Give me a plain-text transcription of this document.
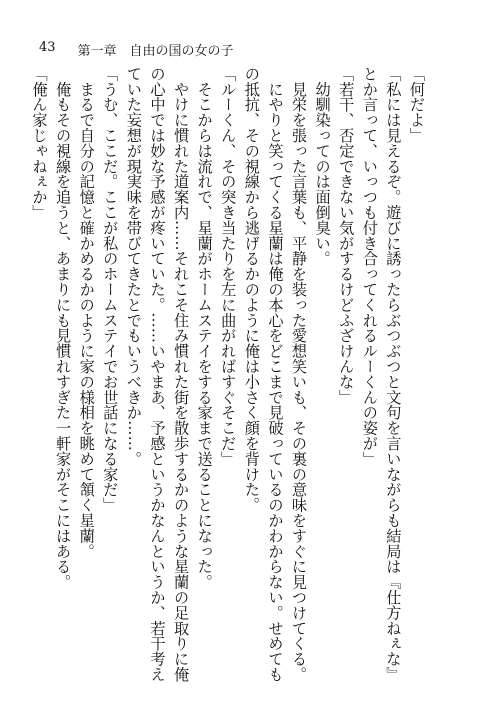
43 第一章　自由の国の女の子
「何だよ」
「私には見えるぞ。遊びに誘ったらぶつぶつと文句を言いながらも結局は『仕方ねぇな』
とか言って、いっつも付き合ってくれるルーくんの姿が」
「若干、否定できない気がするけどふざけんな」
　幼馴染ってのは面倒臭い。
　見栄を張った言葉も、平静を装った愛想笑いも、その裏の意味をすぐに見つけてくる。
　にやりと笑ってくる星蘭は俺の本心をどこまで見破っているのかわからない。せめても
の抵抗、その視線から逃げるかのように俺は小さく顔を背けた。
「ルーくん、その突き当たりを左に曲がればすぐそこだ」
　そこからは流れで、星蘭がホームステイをする家まで送ることになった。
　やけに慣れた道案内……それこそ住み慣れた街を散歩するかのような星蘭の足取りに俺
の心中では妙な予感が疼いていた。……いやまあ、予感というかなんというか、若干考え
ていた妄想が現実味を帯びてきたとでもいうべきか……。
「うむ、ここだ。ここが私のホームステイでお世話になる家だ」
　まるで自分の記憶と確かめるかのように家の様相を眺めて頷く星蘭。
　俺もその視線を追うと、あまりにも見慣れすぎた一軒家がそこにはある。
「俺ん家じゃねぇか」
